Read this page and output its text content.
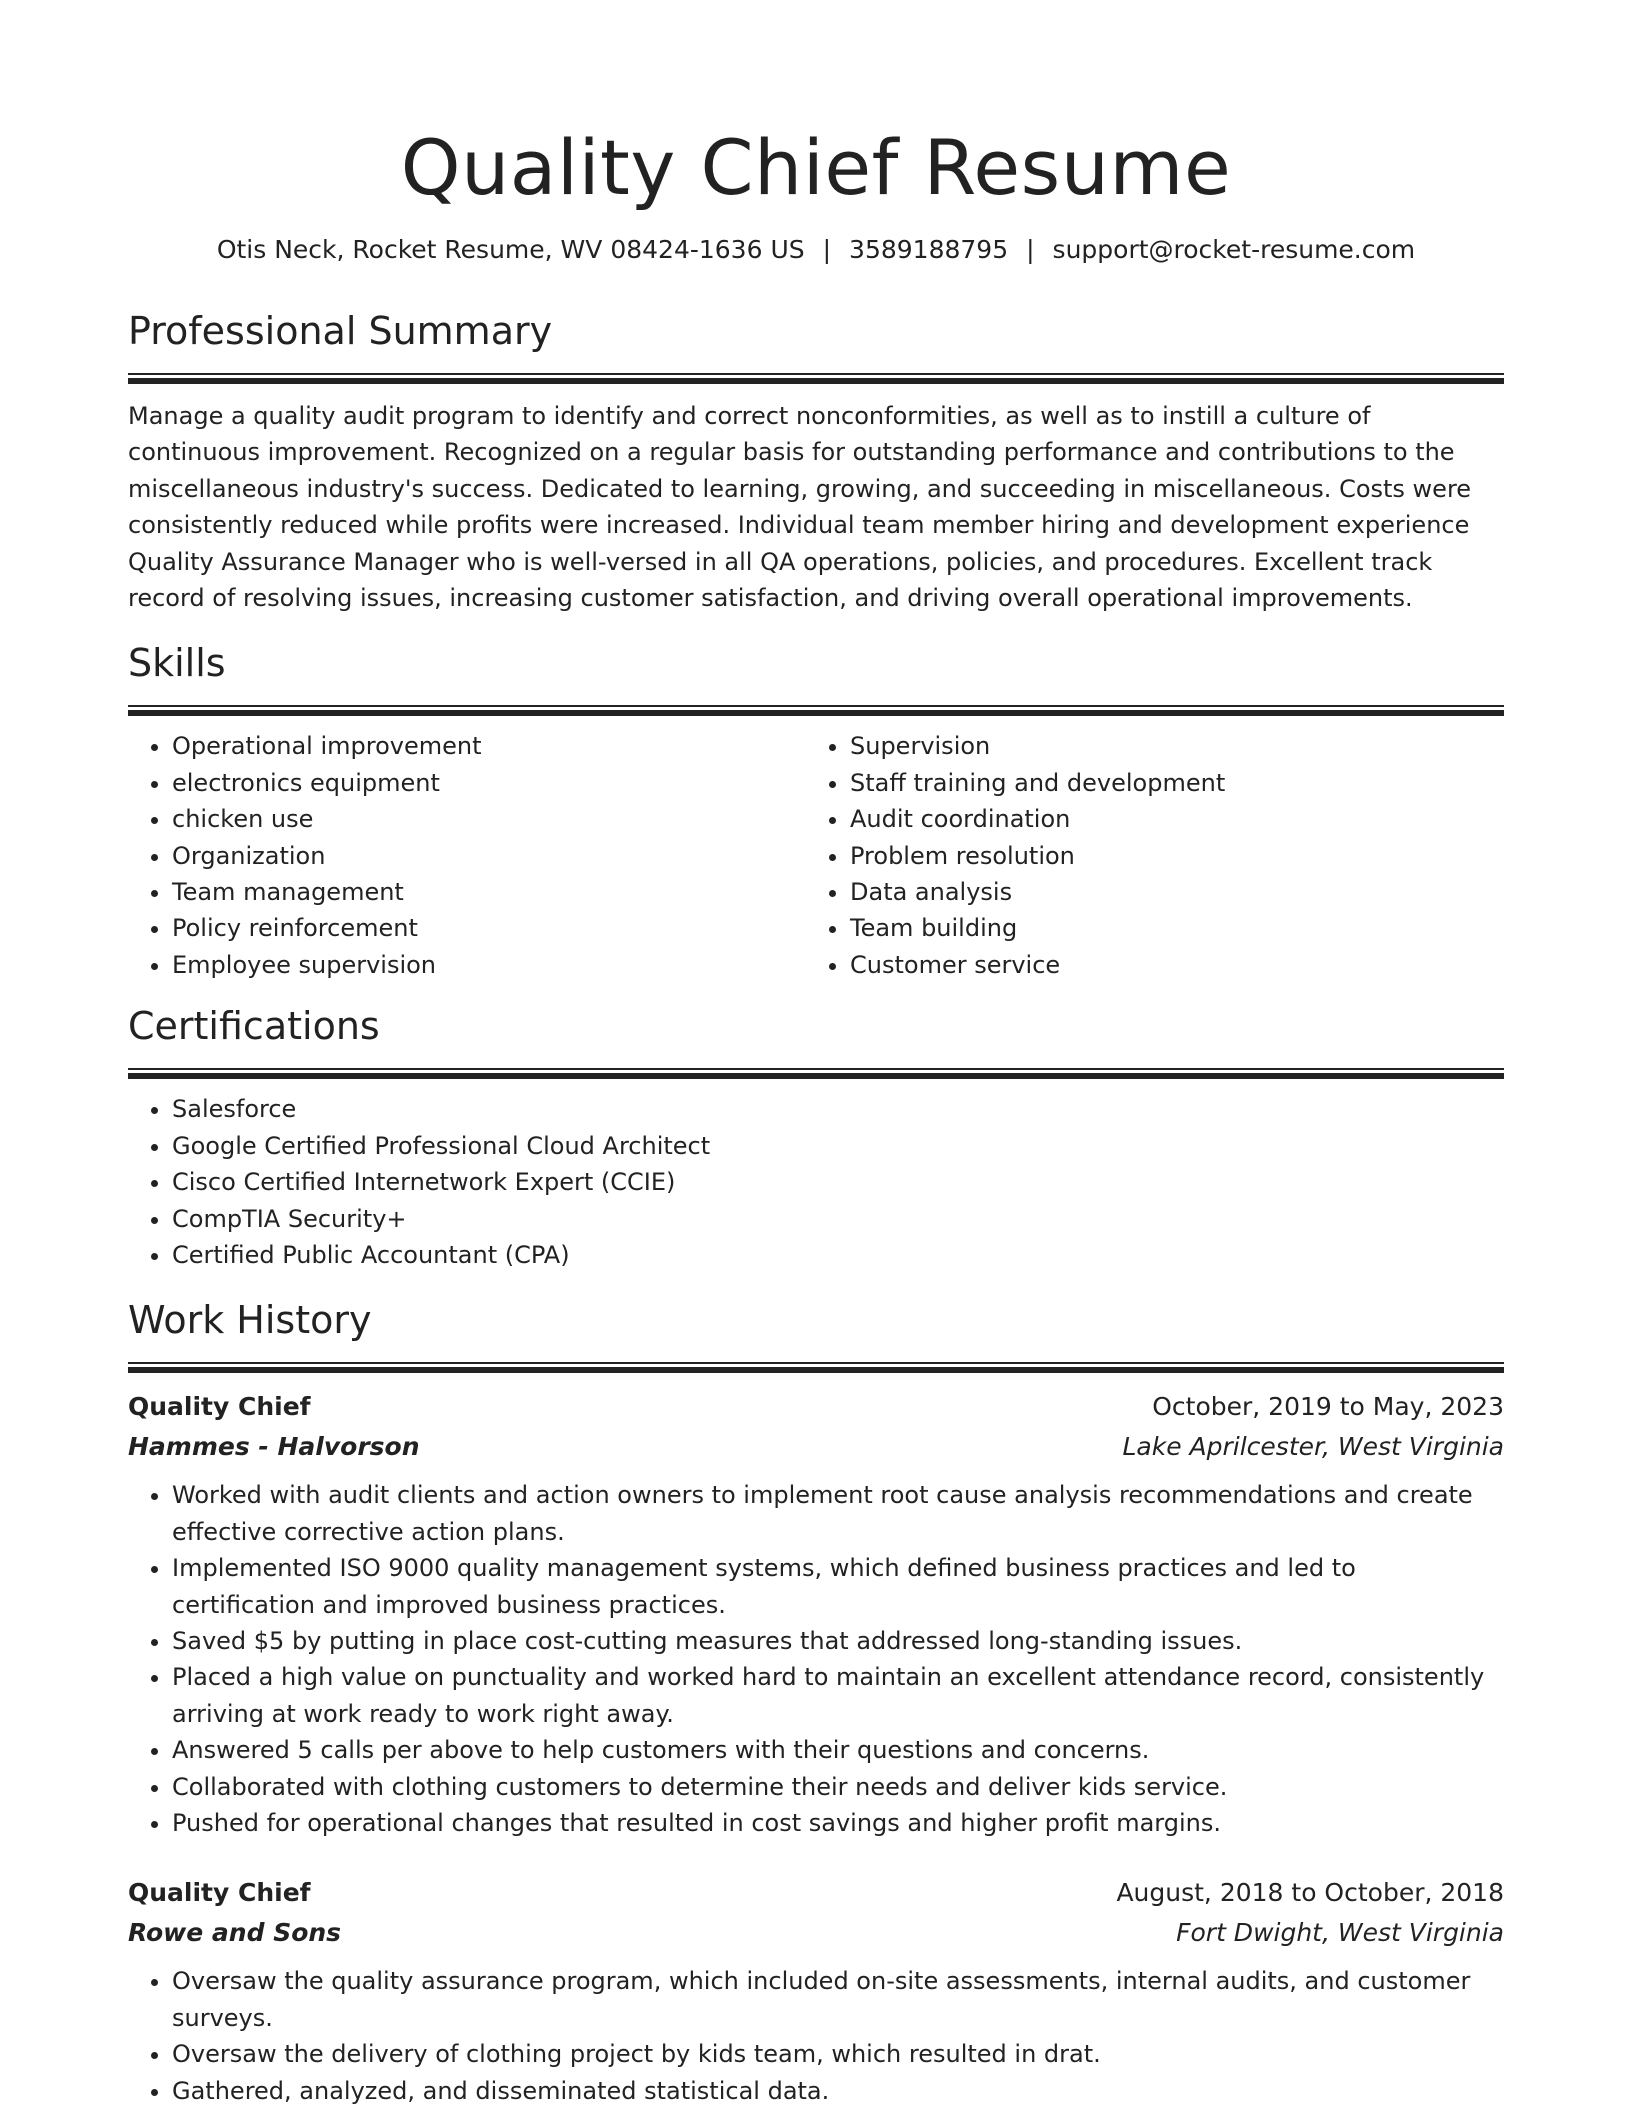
Quality Chief Resume
Otis Neck, Rocket Resume, WV 08424-1636 US | 3589188795 | support@rocket-resume.com
Professional Summary

Manage a quality audit program to identify and correct nonconformities, as well as to instill a culture of continuous improvement. Recognized on a regular basis for outstanding performance and contributions to the miscellaneous industry's success. Dedicated to learning, growing, and succeeding in miscellaneous. Costs were consistently reduced while profits were increased. Individual team member hiring and development experience Quality Assurance Manager who is well-versed in all QA operations, policies, and procedures. Excellent track record of resolving issues, increasing customer satisfaction, and driving overall operational improvements.

Skills
• Operational improvement
• electronics equipment
• chicken use
• Organization
• Team management
• Policy reinforcement
• Employee supervision
• Supervision
• Staff training and development
• Audit coordination
• Problem resolution
• Data analysis
• Team building
• Customer service
Certifications
• Salesforce
• Google Certified Professional Cloud Architect
• Cisco Certified Internetwork Expert (CCIE)
• CompTIA Security+
• Certified Public Accountant (CPA)
Work History
Quality Chief	October, 2019 to May, 2023
Hammes - Halvorson	Lake Aprilcester, West Virginia
• Worked with audit clients and action owners to implement root cause analysis recommendations and create effective corrective action plans.
• Implemented ISO 9000 quality management systems, which defined business practices and led to certification and improved business practices.
• Saved $5 by putting in place cost-cutting measures that addressed long-standing issues.
• Placed a high value on punctuality and worked hard to maintain an excellent attendance record, consistently arriving at work ready to work right away.
• Answered 5 calls per above to help customers with their questions and concerns.
• Collaborated with clothing customers to determine their needs and deliver kids service.
• Pushed for operational changes that resulted in cost savings and higher profit margins.
Quality Chief	August, 2018 to October, 2018
Rowe and Sons	Fort Dwight, West Virginia
• Oversaw the quality assurance program, which included on-site assessments, internal audits, and customer surveys.
• Oversaw the delivery of clothing project by kids team, which resulted in drat.
• Gathered, analyzed, and disseminated statistical data.
